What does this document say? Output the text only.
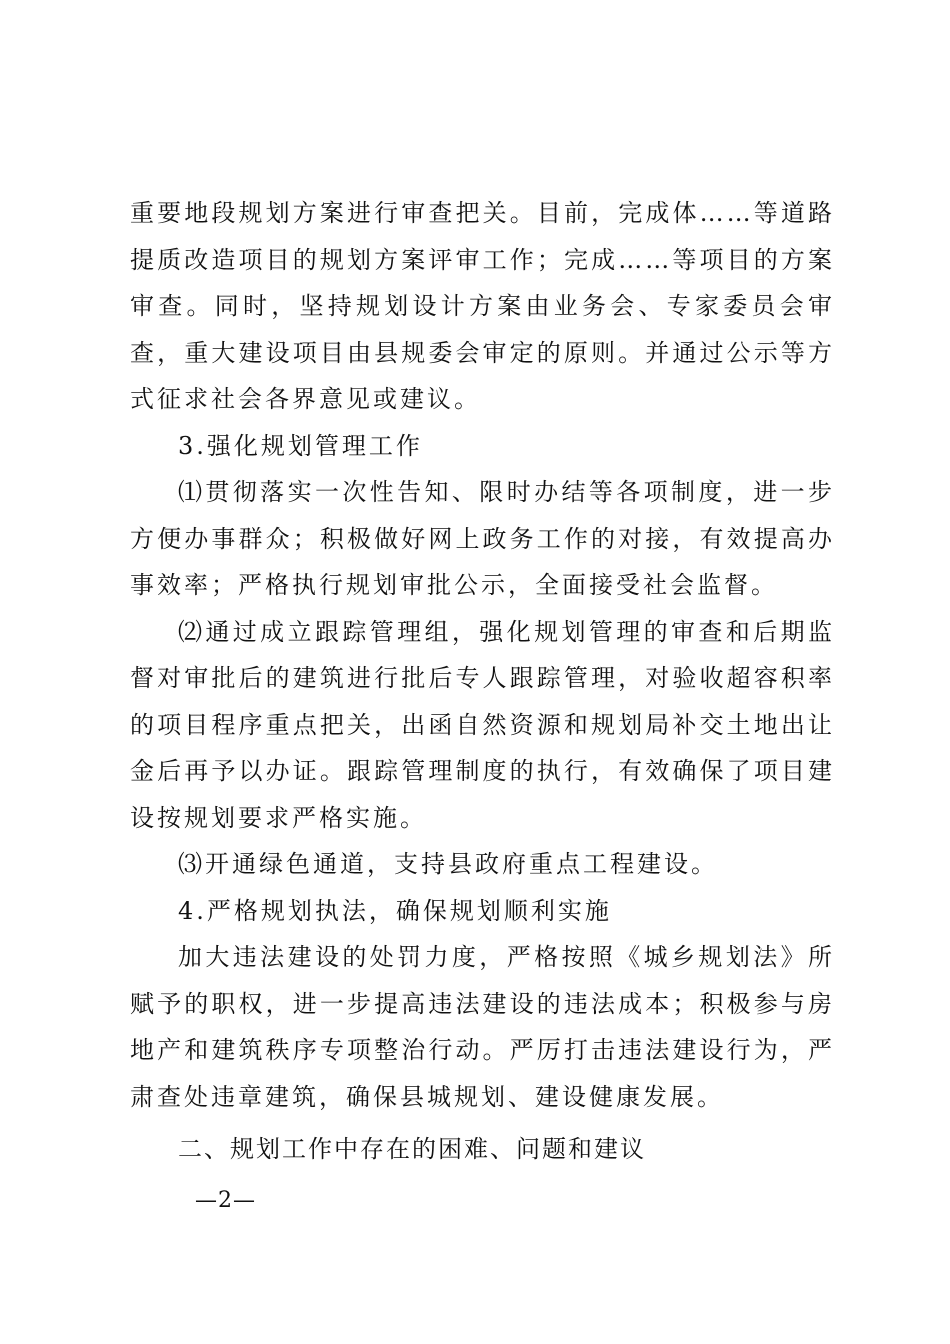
重要地段规划方案进行审查把关。目前，完成体……等道路提质改造项目的规划方案评审工作；完成……等项目的方案审查。同时，坚持规划设计方案由业务会、专家委员会审查，重大建设项目由县规委会审定的原则。并通过公示等方式征求社会各界意见或建议。

3.强化规划管理工作

⑴贯彻落实一次性告知、限时办结等各项制度，进一步方便办事群众；积极做好网上政务工作的对接，有效提高办事效率；严格执行规划审批公示，全面接受社会监督。

⑵通过成立跟踪管理组，强化规划管理的审查和后期监督对审批后的建筑进行批后专人跟踪管理，对验收超容积率的项目程序重点把关，出函自然资源和规划局补交土地出让金后再予以办证。跟踪管理制度的执行，有效确保了项目建设按规划要求严格实施。

⑶开通绿色通道，支持县政府重点工程建设。

4.严格规划执法，确保规划顺利实施

加大违法建设的处罚力度，严格按照《城乡规划法》所赋予的职权，进一步提高违法建设的违法成本；积极参与房地产和建筑秩序专项整治行动。严厉打击违法建设行为，严肃查处违章建筑，确保县城规划、建设健康发展。

二、规划工作中存在的困难、问题和建议

—2—
